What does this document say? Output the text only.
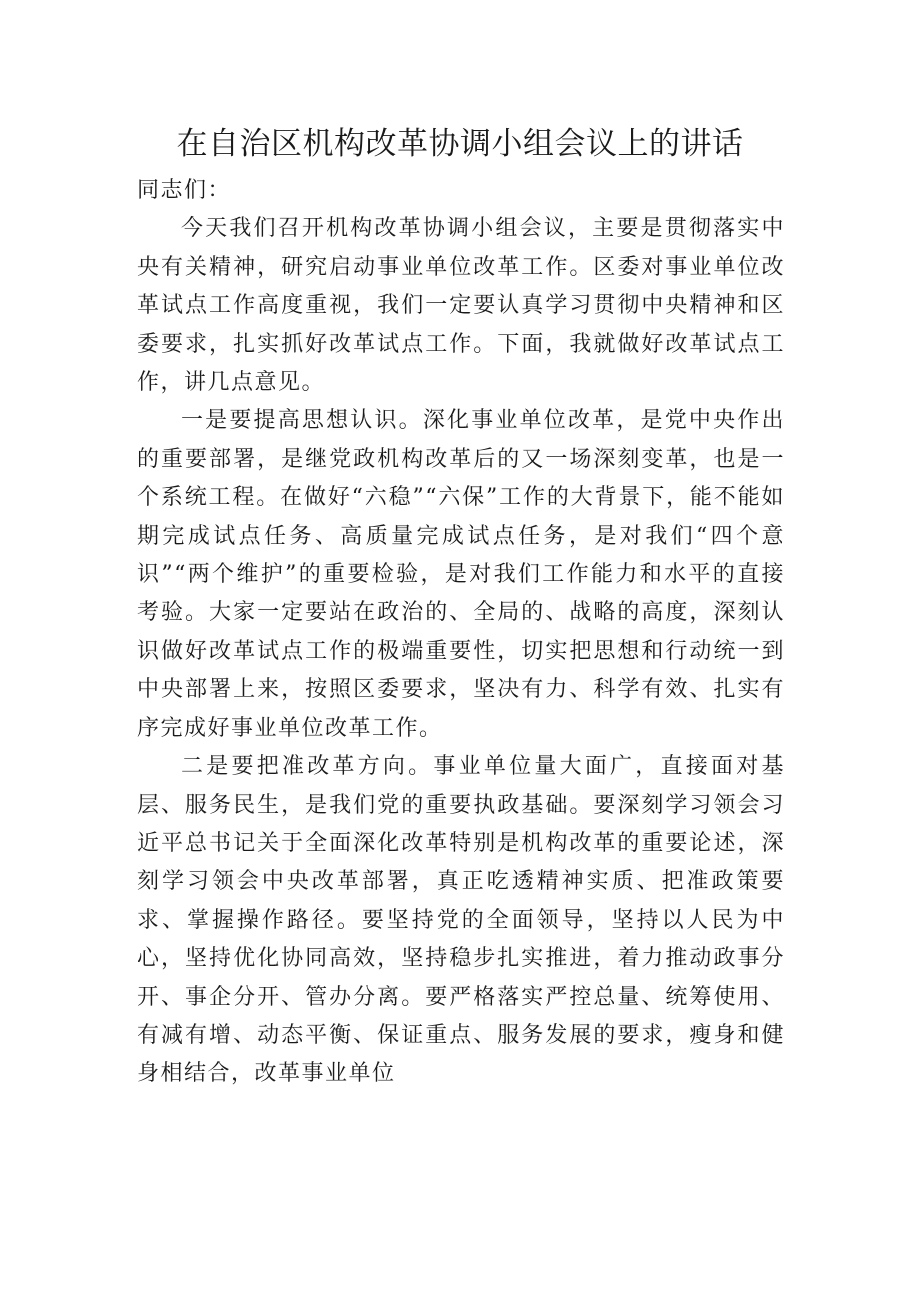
在自治区机构改革协调小组会议上的讲话

同志们：

今天我们召开机构改革协调小组会议，主要是贯彻落实中央有关精神，研究启动事业单位改革工作。区委对事业单位改革试点工作高度重视，我们一定要认真学习贯彻中央精神和区委要求，扎实抓好改革试点工作。下面，我就做好改革试点工作，讲几点意见。

一是要提高思想认识。深化事业单位改革，是党中央作出的重要部署，是继党政机构改革后的又一场深刻变革，也是一个系统工程。在做好“六稳”“六保”工作的大背景下，能不能如期完成试点任务、高质量完成试点任务，是对我们“四个意识”“两个维护”的重要检验，是对我们工作能力和水平的直接考验。大家一定要站在政治的、全局的、战略的高度，深刻认识做好改革试点工作的极端重要性，切实把思想和行动统一到中央部署上来，按照区委要求，坚决有力、科学有效、扎实有序完成好事业单位改革工作。

二是要把准改革方向。事业单位量大面广，直接面对基层、服务民生，是我们党的重要执政基础。要深刻学习领会习近平总书记关于全面深化改革特别是机构改革的重要论述，深刻学习领会中央改革部署，真正吃透精神实质、把准政策要求、掌握操作路径。要坚持党的全面领导，坚持以人民为中心，坚持优化协同高效，坚持稳步扎实推进，着力推动政事分开、事企分开、管办分离。要严格落实严控总量、统筹使用、有减有增、动态平衡、保证重点、服务发展的要求，瘦身和健身相结合，改革事业单位
